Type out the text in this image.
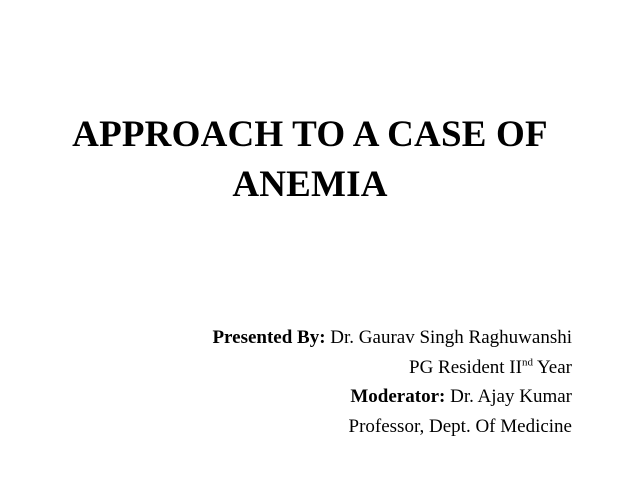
APPROACH TO A CASE OF
ANEMIA
Presented By: Dr. Gaurav Singh Raghuwanshi
PG Resident IInd Year
Moderator: Dr. Ajay Kumar
Professor, Dept. Of Medicine
